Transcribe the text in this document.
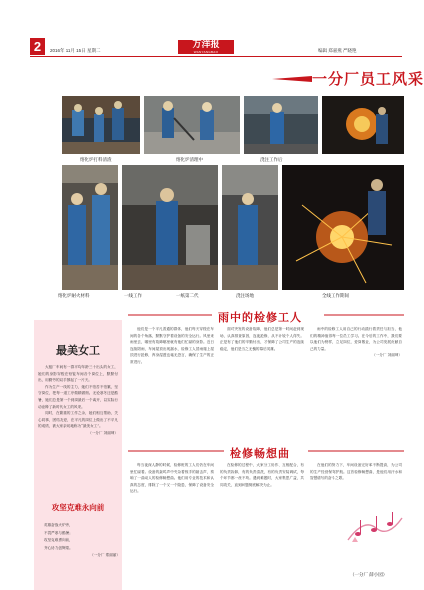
2	2016年 11月 15日 星期二
万洋报
WANYANGBAO	编辑 郑嘉燕 严晓艳
一分厂员工风采
熔化炉打料清渣	熔化炉清理中	浇注工作后
熔化炉耐火材料	一线工作	一纸第二代	浇注场地	全线工作期间
最美女工

大板厂车间有一群平均年龄三十出头的女工，她们的身影穿梭在铅锭车间各个岗位上，默默付出，用勤劳的双手撑起了一片天。

作为生产一线的主力，她们不怕苦不怕累，坚守岗位，把每一道工序做精做细。无论寒冬还是酷暑，她们总是第一个到岗最后一个离开，以实际行动诠释了新时代女工的风采。

同时，在繁重的工作之余，她们相互帮助，关心同事，团结友爱，在平凡的岗位上做出了不平凡的成绩，被大家亲切地称为“最美女工”。

（一分厂 刘丽坤）
攻坚克难永向前
英雄奋战火炉旁，
不畏严寒与酷暑；
攻坚克难勇向前，
齐心协力创辉煌。
（一分厂 郑丽丽）
雨中的检修工人

他们是一个平凡普通的群体，他们每天穿梭在车间的各个角落，默默守护着设备的安全运行。风里来雨里去，哪里有故障哪里就有他们忙碌的身影。近日连续阴雨，车间屋顶出现漏水，检修工人冒雨爬上屋顶进行抢修，浑身湿透也毫无怨言，确保了生产的正常进行。

面对突发的设备故障，他们总是第一时间赶到现场，认真排查原因，连夜抢修，从不计较个人得失。正是有了他们的辛勤付出，才保障了公司生产的连续稳定，他们是当之无愧的幕后英雄。

雨中的检修工人用自己的行动践行着责任与担当，他们的精神值得每一位员工学习。在今后的工作中，我们要以他们为榜样，立足岗位，爱岗敬业，为公司发展贡献自己的力量。

（一分厂 刘丽坤）
检修畅想曲

每当夜深人静的时候，检修班的工人们仍在车间里忙碌着。设备的轰鸣声中夹杂着扳手的敲击声，奏响了一曲动人的检修畅想曲。他们用专业的技术和认真的态度，排除了一个又一个隐患，保障了设备安全运行。

在检修的过程中，大家分工协作、互相配合，有的负责拆卸，有的负责清洗，有的负责安装调试，每个环节都一丝不苟。遇到难题时，大家集思广益，共同攻关，直到问题彻底解决为止。

在他们的努力下，车间设备完好率不断提高，为公司的生产经营保驾护航。这首检修畅想曲，是他们用汗水和智慧谱写的奋斗之歌。

（一分厂 薛小园）
